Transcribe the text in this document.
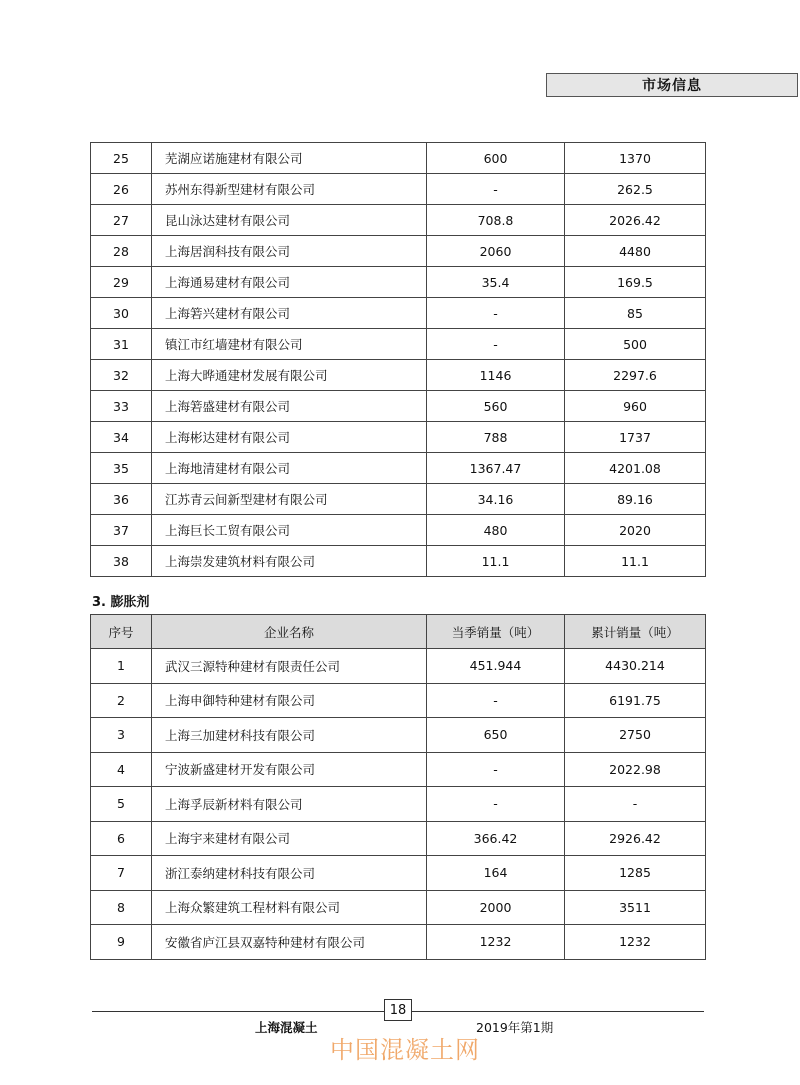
市场信息
25	芜湖应诺施建材有限公司	600	1370
26	苏州东得新型建材有限公司	-	262.5
27	昆山泳达建材有限公司	708.8	2026.42
28	上海居润科技有限公司	2060	4480
29	上海通易建材有限公司	35.4	169.5
30	上海箬兴建材有限公司	-	85
31	镇江市红墙建材有限公司	-	500
32	上海大晔通建材发展有限公司	1146	2297.6
33	上海箬盛建材有限公司	560	960
34	上海彬达建材有限公司	788	1737
35	上海地清建材有限公司	1367.47	4201.08
36	江苏青云间新型建材有限公司	34.16	89.16
37	上海巨长工贸有限公司	480	2020
38	上海崇发建筑材料有限公司	11.1	11.1
3. 膨胀剂
序号	企业名称	当季销量（吨）	累计销量（吨）
1	武汉三源特种建材有限责任公司	451.944	4430.214
2	上海申御特种建材有限公司	-	6191.75
3	上海三加建材科技有限公司	650	2750
4	宁波新盛建材开发有限公司	-	2022.98
5	上海孚辰新材料有限公司	-	-
6	上海宇来建材有限公司	366.42	2926.42
7	浙江泰纳建材科技有限公司	164	1285
8	上海众繁建筑工程材料有限公司	2000	3511
9	安徽省庐江县双嘉特种建材有限公司	1232	1232
18
上海混凝土	2019年第1期
中国混凝土网
